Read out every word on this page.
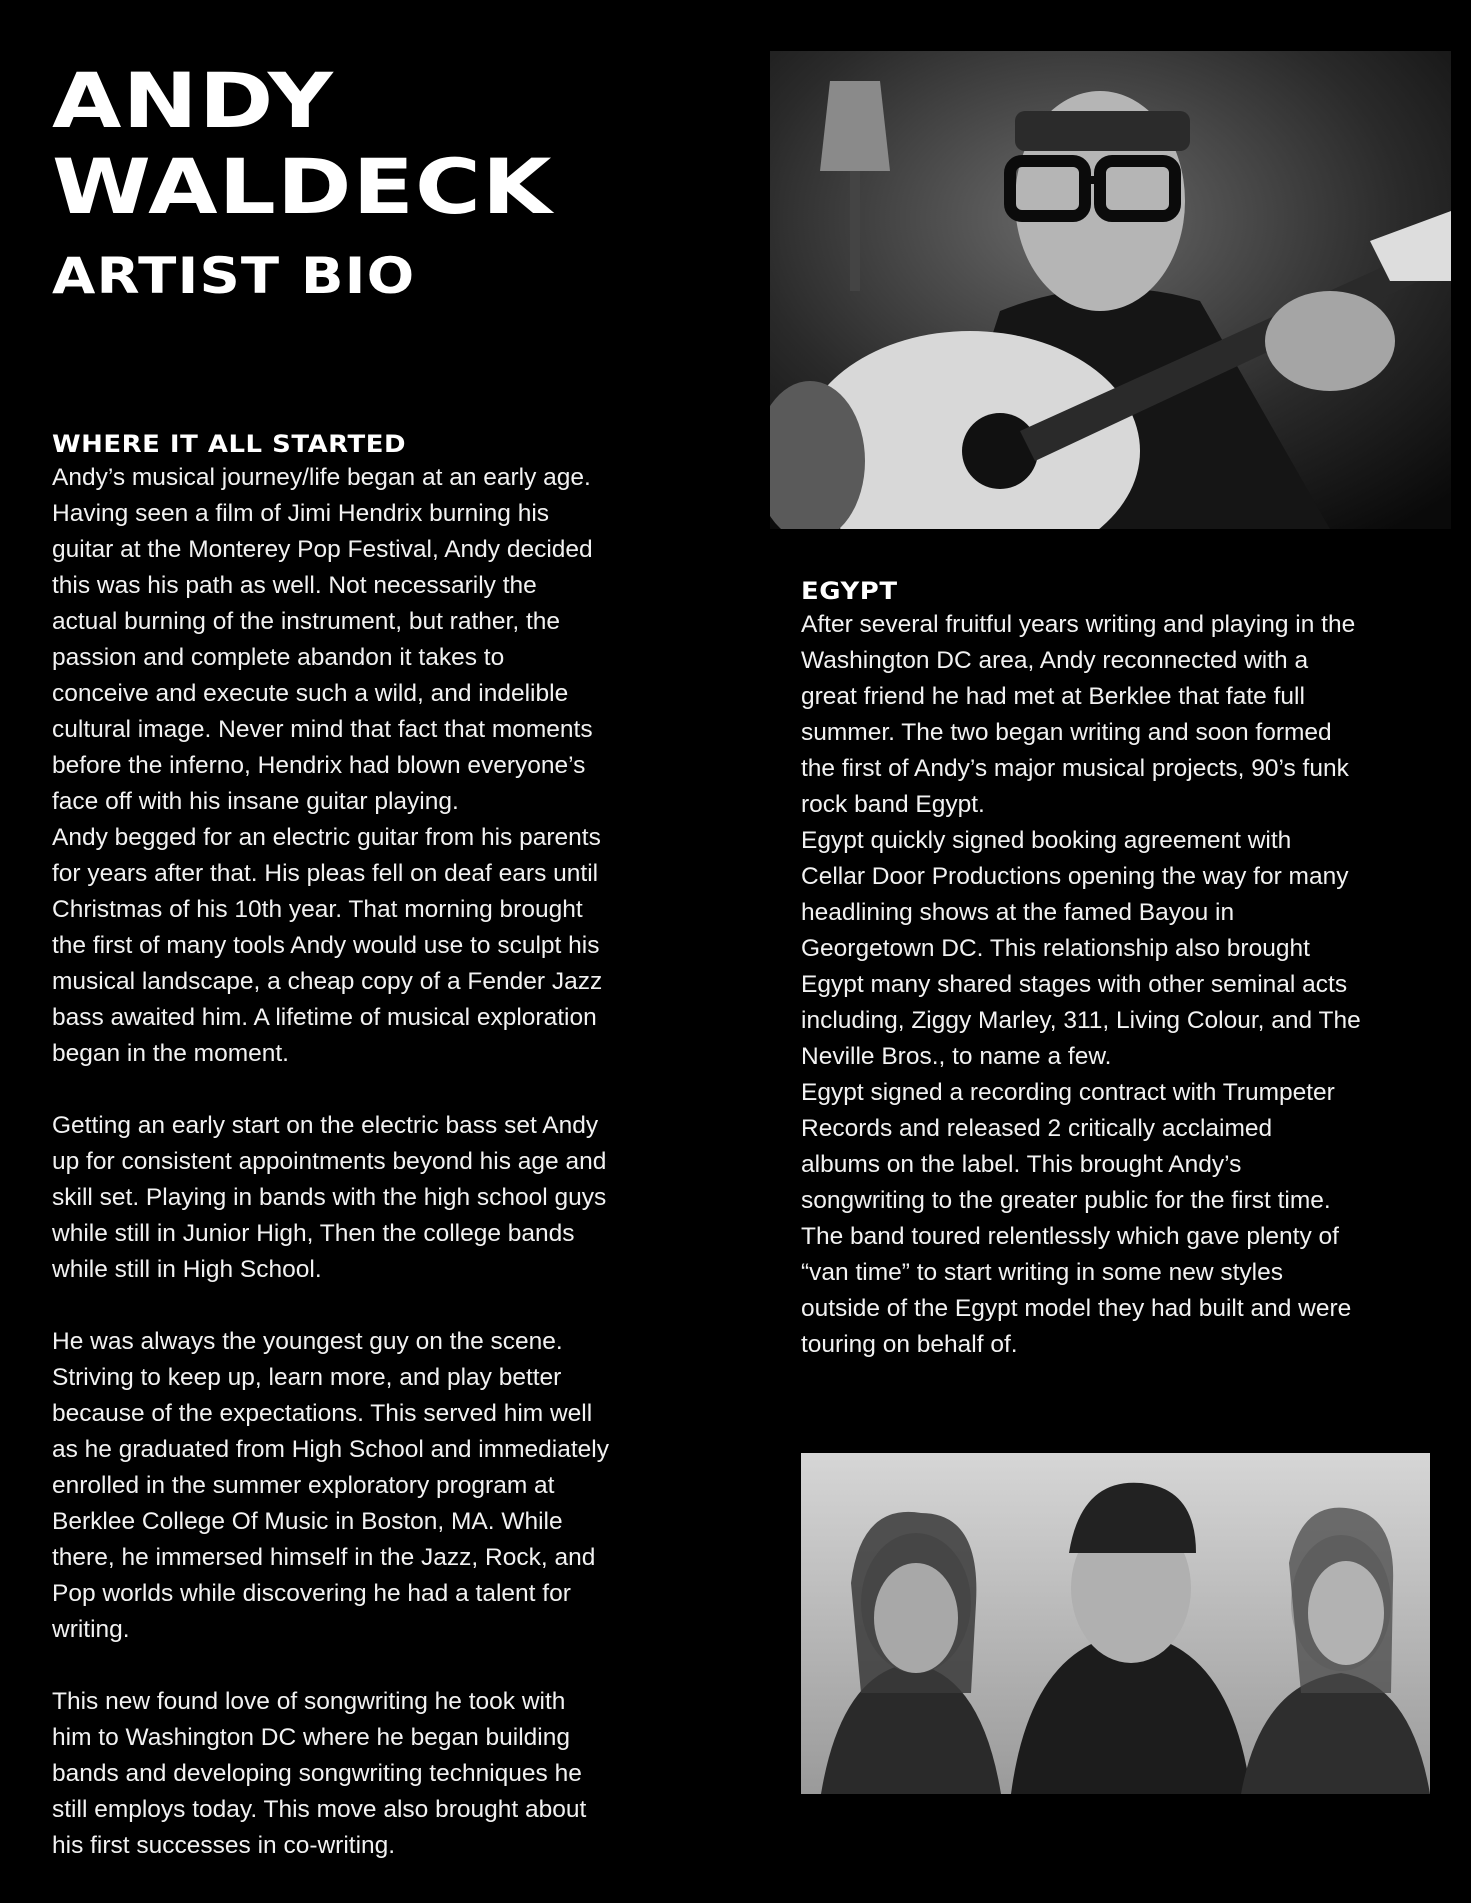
ANDY
WALDECK
ARTIST BIO
WHERE IT ALL STARTED

Andy’s musical journey/life began at an early age.
Having seen a film of Jimi Hendrix burning his
guitar at the Monterey Pop Festival, Andy decided
this was his path as well. Not necessarily the
actual burning of the instrument, but rather, the
passion and complete abandon it takes to
conceive and execute such a wild, and indelible
cultural image. Never mind that fact that moments
before the inferno, Hendrix had blown everyone’s
face off with his insane guitar playing.
Andy begged for an electric guitar from his parents
for years after that. His pleas fell on deaf ears until
Christmas of his 10th year. That morning brought
the first of many tools Andy would use to sculpt his
musical landscape, a cheap copy of a Fender Jazz
bass awaited him. A lifetime of musical exploration
began in the moment.

Getting an early start on the electric bass set Andy
up for consistent appointments beyond his age and
skill set. Playing in bands with the high school guys
while still in Junior High, Then the college bands
while still in High School.

He was always the youngest guy on the scene.
Striving to keep up, learn more, and play better
because of the expectations. This served him well
as he graduated from High School and immediately
enrolled in the summer exploratory program at
Berklee College Of Music in Boston, MA. While
there, he immersed himself in the Jazz, Rock, and
Pop worlds while discovering he had a talent for
writing.

This new found love of songwriting he took with
him to Washington DC where he began building
bands and developing songwriting techniques he
still employs today. This move also brought about
his first successes in co-writing.

EGYPT

After several fruitful years writing and playing in the
Washington DC area, Andy reconnected with a
great friend he had met at Berklee that fate full
summer. The two began writing and soon formed
the first of Andy’s major musical projects, 90’s funk
rock band Egypt.
Egypt quickly signed booking agreement with
Cellar Door Productions opening the way for many
headlining shows at the famed Bayou in
Georgetown DC. This relationship also brought
Egypt many shared stages with other seminal acts
including, Ziggy Marley, 311, Living Colour, and The
Neville Bros., to name a few.
Egypt signed a recording contract with Trumpeter
Records and released 2 critically acclaimed
albums on the label. This brought Andy’s
songwriting to the greater public for the first time.
The band toured relentlessly which gave plenty of
“van time” to start writing in some new styles
outside of the Egypt model they had built and were
touring on behalf of.
